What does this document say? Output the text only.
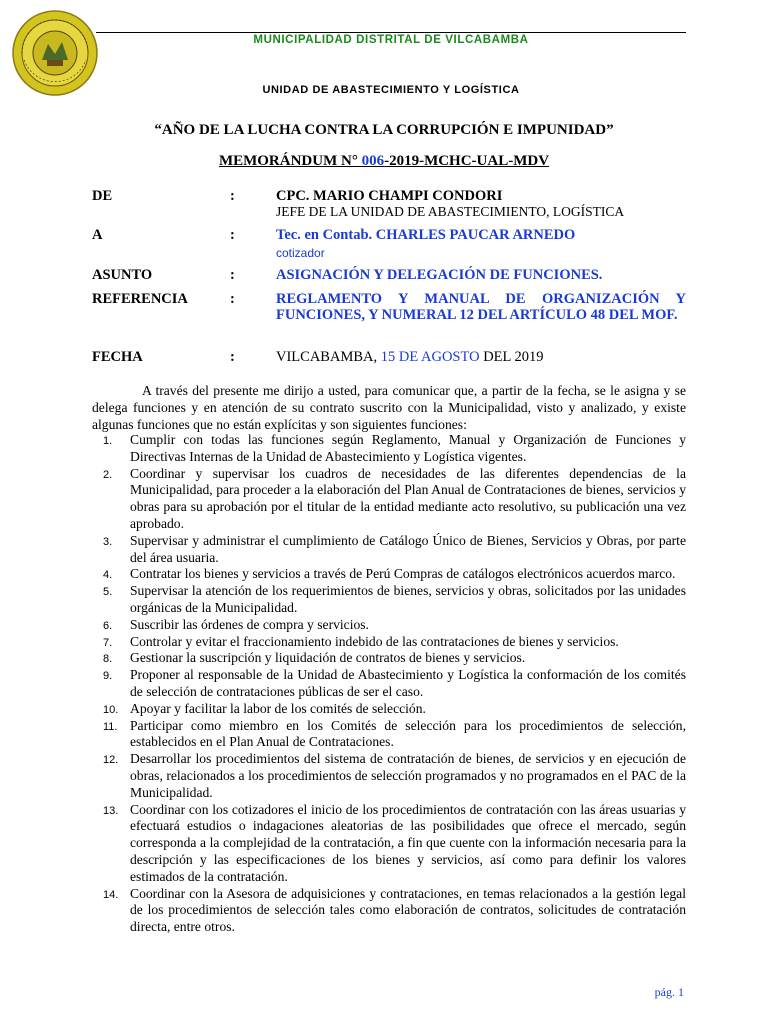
MUNICIPALIDAD DISTRITAL DE VILCABAMBA
UNIDAD DE ABASTECIMIENTO Y LOGÍSTICA
“AÑO DE LA LUCHA CONTRA LA CORRUPCIÓN E IMPUNIDAD”
MEMORÁNDUM N° 006-2019-MCHC-UAL-MDV
DE	:	CPC. MARIO CHAMPI CONDORI
JEFE DE LA UNIDAD DE ABASTECIMIENTO, LOGÍSTICA
A	:	Tec. en Contab. CHARLES PAUCAR ARNEDO
cotizador
ASUNTO	:	ASIGNACIÓN Y DELEGACIÓN DE FUNCIONES.
REFERENCIA	:	REGLAMENTO Y MANUAL DE ORGANIZACIÓN Y FUNCIONES, Y NUMERAL 12 DEL ARTÍCULO 48 DEL MOF.
FECHA	:	VILCABAMBA, 15 DE AGOSTO DEL 2019
A través del presente me dirijo a usted, para comunicar que, a partir de la fecha, se le asigna y se delega funciones y en atención de su contrato suscrito con la Municipalidad, visto y analizado, y existe algunas funciones que no están explícitas y son siguientes funciones:
1. Cumplir con todas las funciones según Reglamento, Manual y Organización de Funciones y Directivas Internas de la Unidad de Abastecimiento y Logística vigentes.
2. Coordinar y supervisar los cuadros de necesidades de las diferentes dependencias de la Municipalidad, para proceder a la elaboración del Plan Anual de Contrataciones de bienes, servicios y obras para su aprobación por el titular de la entidad mediante acto resolutivo, su publicación una vez aprobado.
3. Supervisar y administrar el cumplimiento de Catálogo Único de Bienes, Servicios y Obras, por parte del área usuaria.
4. Contratar los bienes y servicios a través de Perú Compras de catálogos electrónicos acuerdos marco.
5. Supervisar la atención de los requerimientos de bienes, servicios y obras, solicitados por las unidades orgánicas de la Municipalidad.
6. Suscribir las órdenes de compra y servicios.
7. Controlar y evitar el fraccionamiento indebido de las contrataciones de bienes y servicios.
8. Gestionar la suscripción y liquidación de contratos de bienes y servicios.
9. Proponer al responsable de la Unidad de Abastecimiento y Logística la conformación de los comités de selección de contrataciones públicas de ser el caso.
10. Apoyar y facilitar la labor de los comités de selección.
11. Participar como miembro en los Comités de selección para los procedimientos de selección, establecidos en el Plan Anual de Contrataciones.
12. Desarrollar los procedimientos del sistema de contratación de bienes, de servicios y en ejecución de obras, relacionados a los procedimientos de selección programados y no programados en el PAC de la Municipalidad.
13. Coordinar con los cotizadores el inicio de los procedimientos de contratación con las áreas usuarias y efectuará estudios o indagaciones aleatorias de las posibilidades que ofrece el mercado, según corresponda a la complejidad de la contratación, a fin que cuente con la información necesaria para la descripción y las especificaciones de los bienes y servicios, así como para definir los valores estimados de la contratación.
14. Coordinar con la Asesora de adquisiciones y contrataciones, en temas relacionados a la gestión legal de los procedimientos de selección tales como elaboración de contratos, solicitudes de contratación directa, entre otros.
pág. 1
